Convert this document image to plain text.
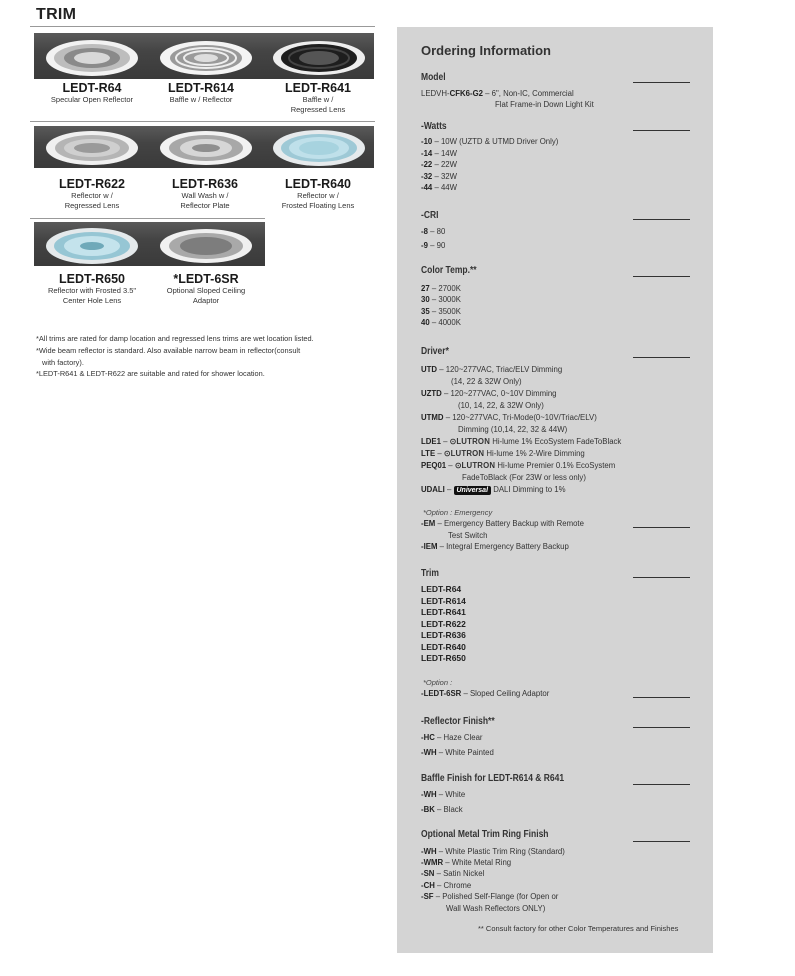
TRIM
LEDT-R64
Specular Open Reflector
LEDT-R614
Baffle w / Reflector
LEDT-R641
Baffle w /
Regressed Lens
LEDT-R622
Reflector w /
Regressed Lens
LEDT-R636
Wall Wash w /
Reflector Plate
LEDT-R640
Reflector w /
Frosted Floating Lens
LEDT-R650
Reflector with Frosted 3.5"
Center Hole Lens
*LEDT-6SR
Optional Sloped Ceiling
Adaptor
*All trims are rated for damp location and regressed lens trims are wet location listed.
*Wide beam reflector is standard. Also available narrow beam in reflector(consult
with factory).
*LEDT-R641 & LEDT-R622 are suitable and rated for shower location.
Ordering Information
Model
LEDVH-CFK6-G2 – 6", Non-IC, Commercial
Flat Frame-in Down Light Kit
-Watts
-10 – 10W (UZTD & UTMD Driver Only)
-14 – 14W
-22 – 22W
-32 – 32W
-44 – 44W
-CRI
-8 – 80
-9 – 90
Color Temp.**
27 – 2700K
30 – 3000K
35 – 3500K
40 – 4000K
Driver*
UTD – 120~277VAC, Triac/ELV Dimming
(14, 22 & 32W Only)
UZTD – 120~277VAC, 0~10V Dimming
(10, 14, 22, & 32W Only)
UTMD – 120~277VAC, Tri-Mode(0~10V/Triac/ELV)
Dimming (10,14, 22, 32 & 44W)
LDE1 – ⊙LUTRON Hi-lume 1% EcoSystem FadeToBlack
LTE – ⊙LUTRON Hi-lume 1% 2-Wire Dimming
PEQ01 – ⊙LUTRON Hi-lume Premier 0.1% EcoSystem
FadeToBlack (For 23W or less only)
UDALI – Universal DALI Dimming to 1%
*Option : Emergency
-EM – Emergency Battery Backup with Remote
Test Switch
-IEM – Integral Emergency Battery Backup
Trim
LEDT-R64
LEDT-R614
LEDT-R641
LEDT-R622
LEDT-R636
LEDT-R640
LEDT-R650
*Option :
-LEDT-6SR – Sloped Ceiling Adaptor
-Reflector Finish**
-HC – Haze Clear
-WH – White Painted
Baffle Finish for LEDT-R614 & R641
-WH – White
-BK – Black
Optional Metal Trim Ring Finish
-WH – White Plastic Trim Ring (Standard)
-WMR – White Metal Ring
-SN – Satin Nickel
-CH – Chrome
-SF – Polished Self-Flange (for Open or
Wall Wash Reflectors ONLY)
** Consult factory for other Color Temperatures and Finishes
